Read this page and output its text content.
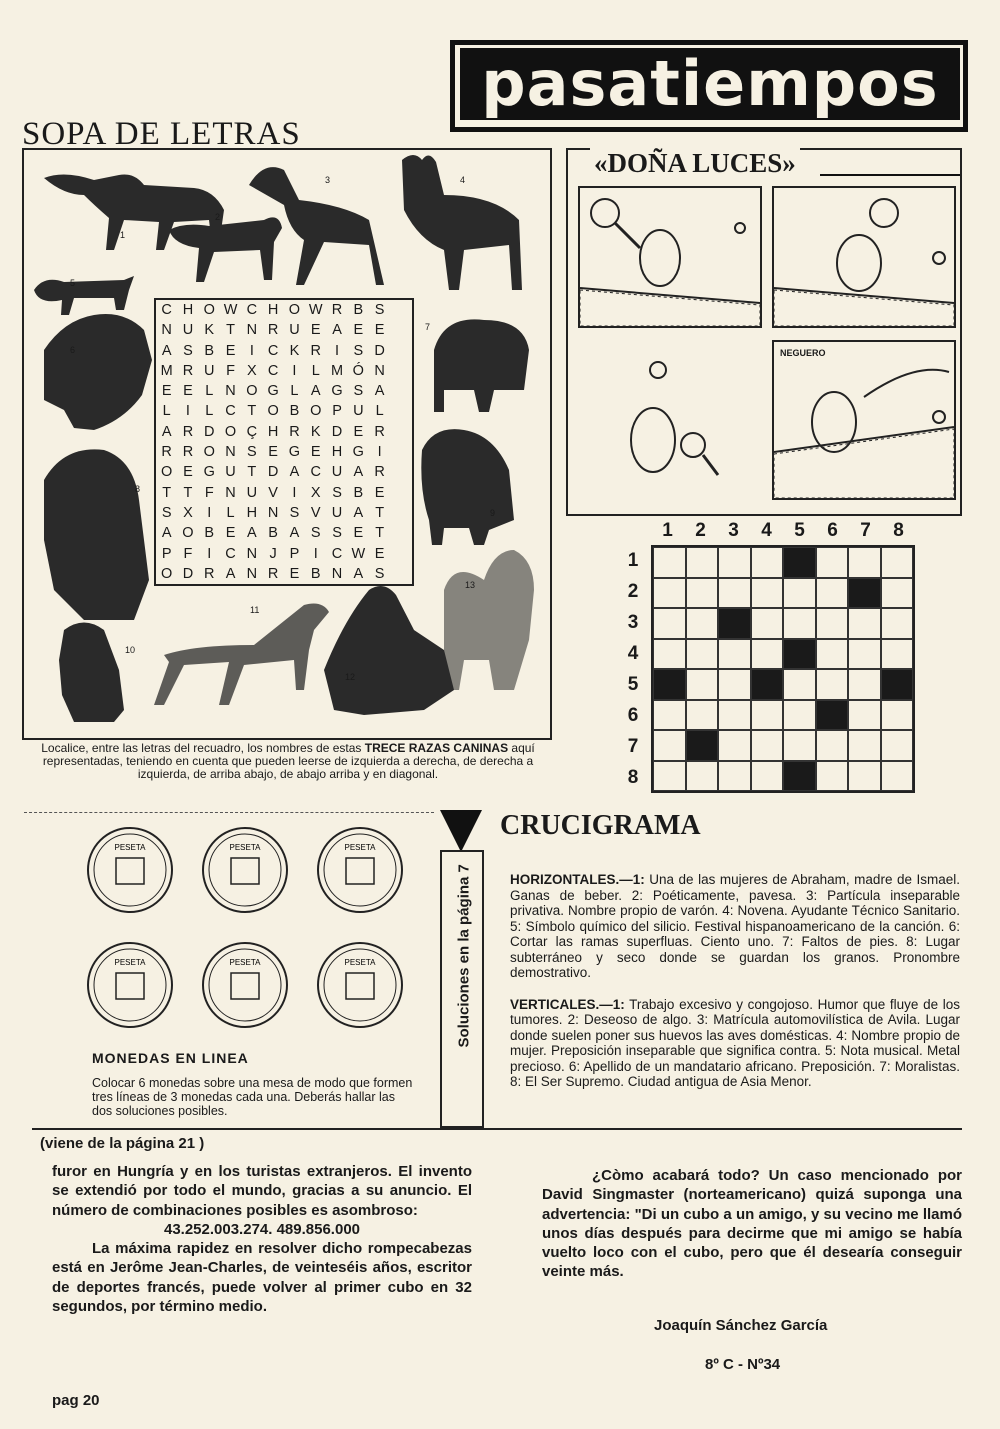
pasatiempos
SOPA DE LETRAS
1
2
3	4
5
6
7
8
9
10
11
12
13
C H O W C H O W R B S
N U K T N R U E A E E
A S B E I C K R I S D
M R U F X C I	L M Ó N
E E L N O G L A G S A
L	I	L C T O B O P U L
A R D O Ç H R K D E R
R R O N S E G E H G I
O E G U T D A C U A R
T T F N U V I X S B E
S X I	L H N S V U A T
A O B E A B A S S E T
P F	I C N J P I C W E
O D R A N R E B N A S
Localice, entre las letras del recuadro, los nombres de estas TRECE RAZAS CANINAS aquí representadas, teniendo en cuenta que pueden leerse de izquierda a derecha, de derecha a izquierda, de arriba abajo, de abajo arriba y en diagonal.
«DOÑA LUCES»
NEGUERO
1	2	3	4	5	6	7	8
1
2
3
4
5
6
7
8
CRUCIGRAMA

HORIZONTALES.—1: Una de las mujeres de Abraham, madre de Ismael. Ganas de beber. 2: Poéticamente, pavesa. 3: Partícula inseparable privativa. Nombre propio de varón. 4: Novena. Ayudante Técnico Sanitario. 5: Símbolo químico del silicio. Festival hispanoamericano de la canción. 6: Cortar las ramas superfluas. Ciento uno. 7: Faltos de pies. 8: Lugar subterráneo y seco donde se guardan los granos. Pronombre demostrativo.

VERTICALES.—1: Trabajo excesivo y congojoso. Humor que fluye de los tumores. 2: Deseoso de algo. 3: Matrícula automovilística de Avila. Lugar donde suelen poner sus huevos las aves domésticas. 4: Nombre propio de mujer. Preposición inseparable que significa contra. 5: Nota musical. Metal precioso. 6: Apellido de un mandatario africano. Preposición. 7: Moralistas. 8: El Ser Supremo. Ciudad antigua de Asia Menor.

Soluciones en la página 7
PESETA	PESETA	PESETA
PESETA	PESETA	PESETA
MONEDAS EN LINEA
Colocar 6 monedas sobre una mesa de modo que formen tres líneas de 3 monedas cada una. Deberás hallar las dos soluciones posibles.
(viene de la página 21 )
furor en Hungría y en los turistas extranjeros. El invento se extendió por todo el mundo, gracias a su anuncio. El número de combinaciones posibles es asombroso:
43.252.003.274. 489.856.000
La máxima rapidez en resolver dicho rompecabezas está en Jerôme Jean-Charles, de veinteséis años, escritor de deportes francés, puede volver al primer cubo en 32 segundos, por término medio.
¿Còmo acabará todo? Un caso mencionado por David Singmaster (norteamericano) quizá suponga una advertencia: "Di un cubo a un amigo, y su vecino me llamó unos días después para decirme que mi amigo se había vuelto loco con el cubo, pero que él desearía conseguir veinte más.
Joaquín Sánchez García
8º C - Nº34
pag 20
